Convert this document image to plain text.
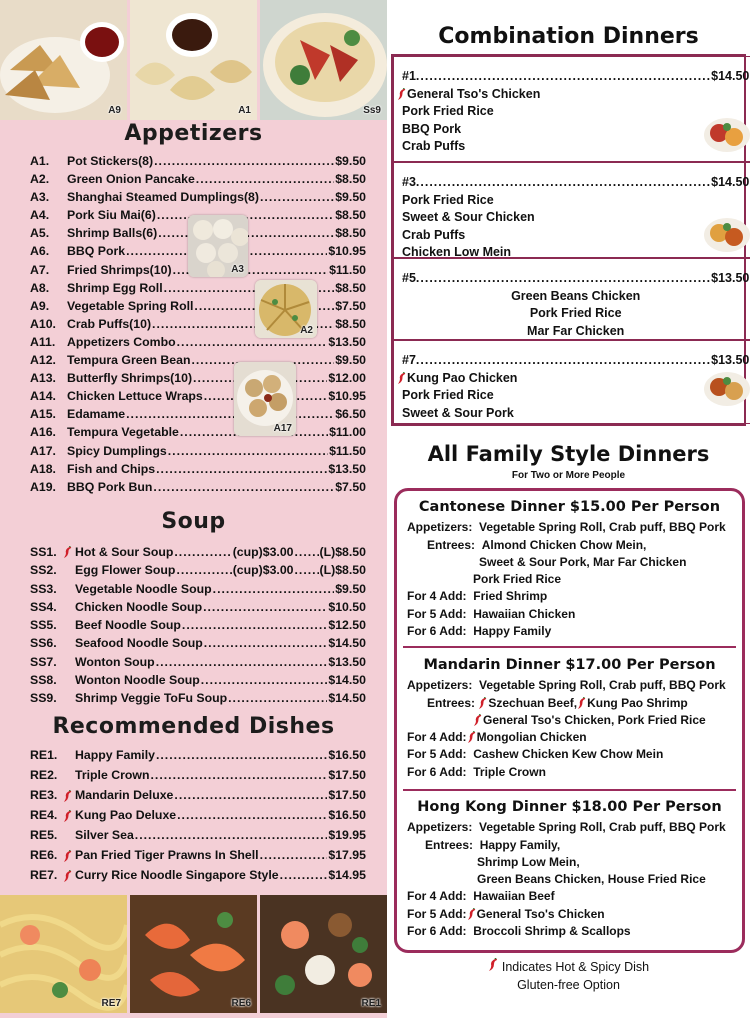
A9	A1	Ss9
Appetizers
A1.	Pot Stickers(8) .....	$9.50
A2.	Green Onion Pancake .....	$8.50
A3.	Shanghai Steamed Dumplings(8) .....	$9.50
A4.	Pork Siu Mai(6) .....	$8.50
A5.	Shrimp Balls(6) .....	$8.50
A6.	BBQ Pork .....	$10.95
A7.	Fried Shrimps(10) .....	$11.50
A8.	Shrimp Egg Roll .....	$8.50
A9.	Vegetable Spring Roll .....	$7.50
A10. Crab Puffs(10) .....	$8.50
A11. Appetizers Combo .....	$13.50
A12. Tempura Green Bean .....	$9.50
A13. Butterfly Shrimps(10) .....	$12.00
A14. Chicken Lettuce Wraps .....	$10.95
A15. Edamame .....	$6.50
A16. Tempura Vegetable .....	$11.00
A17. Spicy Dumplings .....	$11.50
A18. Fish and Chips .....	$13.50
A19. BBQ Pork Bun .....	$7.50
A3
A2
A17
Soup
SS1.	Hot & Sour Soup .....	(cup)$3.00 ..... (L)$8.50
SS2.	Egg Flower Soup .....	(cup)$3.00 ..... (L)$8.50
SS3.	Vegetable Noodle Soup .....	$9.50
SS4.	Chicken Noodle Soup .....	$10.50
SS5.	Beef Noodle Soup .....	$12.50
SS6.	Seafood Noodle Soup .....	$14.50
SS7.	Wonton Soup .....	$13.50
SS8.	Wonton Noodle Soup .....	$14.50
SS9.	Shrimp Veggie ToFu Soup .....	$14.50
Recommended Dishes
RE1.	Happy Family .....	$16.50
RE2.	Triple Crown .....	$17.50
RE3.	Mandarin Deluxe .....	$17.50
RE4.	Kung Pao Deluxe .....	$16.50
RE5.	Silver Sea .....	$19.95
RE6.	Pan Fried Tiger Prawns In Shell .....	$17.95
RE7.	Curry Rice Noodle Singapore Style .....	$14.95
RE7	RE6	RE1
Combination Dinners
#1 .....	$14.50
General Tso's Chicken
Pork Fried Rice
BBQ Pork
Crab Puffs
#3 .....	$14.50
Pork Fried Rice
Sweet & Sour Chicken
Crab Puffs
Chicken Low Mein
#5 .....	$13.50
Green Beans Chicken
Pork Fried Rice
Mar Far Chicken
#7 .....	$13.50
Kung Pao Chicken
Pork Fried Rice
Sweet & Sour Pork
All Family Style Dinners
For Two or More People
Cantonese Dinner $15.00 Per Person
Appetizers:
Vegetable Spring Roll, Crab puff, BBQ Pork
Entrees:
Almond Chicken Chow Mein,
Sweet & Sour Pork, Mar Far Chicken
Pork Fried Rice
For 4 Add:
Fried Shrimp
For 5 Add:
Hawaiian Chicken
For 6 Add:
Happy Family
Mandarin Dinner $17.00 Per Person
Appetizers:
Vegetable Spring Roll, Crab puff, BBQ Pork
Entrees:
Szechuan Beef, Kung Pao Shrimp
General Tso's Chicken, Pork Fried Rice
For 4 Add: Mongolian Chicken
For 5 Add:
Cashew Chicken Kew Chow Mein
For 6 Add:
Triple Crown
Hong Kong Dinner $18.00 Per Person
Appetizers:
Vegetable Spring Roll, Crab puff, BBQ Pork
Entrees:
Happy Family,
Shrimp Low Mein,
Green Beans Chicken, House Fried Rice
For 4 Add:
Hawaiian Beef
For 5 Add: General Tso's Chicken
For 6 Add:
Broccoli Shrimp & Scallops
Indicates Hot & Spicy Dish
Gluten-free Option
